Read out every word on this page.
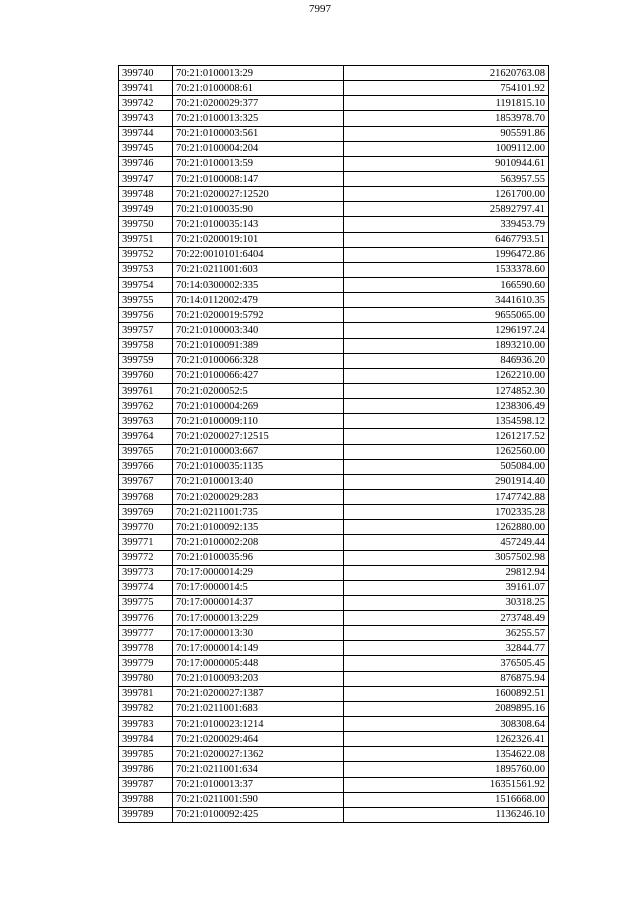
7997
399740	70:21:0100013:29	21620763.08
399741	70:21:0100008:61	754101.92
399742	70:21:0200029:377	1191815.10
399743	70:21:0100013:325	1853978.70
399744	70:21:0100003:561	905591.86
399745	70:21:0100004:204	1009112.00
399746	70:21:0100013:59	9010944.61
399747	70:21:0100008:147	563957.55
399748	70:21:0200027:12520	1261700.00
399749	70:21:0100035:90	25892797.41
399750	70:21:0100035:143	339453.79
399751	70:21:0200019:101	6467793.51
399752	70:22:0010101:6404	1996472.86
399753	70:21:0211001:603	1533378.60
399754	70:14:0300002:335	166590.60
399755	70:14:0112002:479	3441610.35
399756	70:21:0200019:5792	9655065.00
399757	70:21:0100003:340	1296197.24
399758	70:21:0100091:389	1893210.00
399759	70:21:0100066:328	846936.20
399760	70:21:0100066:427	1262210.00
399761	70:21:0200052:5	1274852.30
399762	70:21:0100004:269	1238306.49
399763	70:21:0100009:110	1354598.12
399764	70:21:0200027:12515	1261217.52
399765	70:21:0100003:667	1262560.00
399766	70:21:0100035:1135	505084.00
399767	70:21:0100013:40	2901914.40
399768	70:21:0200029:283	1747742.88
399769	70:21:0211001:735	1702335.28
399770	70:21:0100092:135	1262880.00
399771	70:21:0100002:208	457249.44
399772	70:21:0100035:96	3057502.98
399773	70:17:0000014:29	29812.94
399774	70:17:0000014:5	39161.07
399775	70:17:0000014:37	30318.25
399776	70:17:0000013:229	273748.49
399777	70:17:0000013:30	36255.57
399778	70:17:0000014:149	32844.77
399779	70:17:0000005:448	376505.45
399780	70:21:0100093:203	876875.94
399781	70:21:0200027:1387	1600892.51
399782	70:21:0211001:683	2089895.16
399783	70:21:0100023:1214	308308.64
399784	70:21:0200029:464	1262326.41
399785	70:21:0200027:1362	1354622.08
399786	70:21:0211001:634	1895760.00
399787	70:21:0100013:37	16351561.92
399788	70:21:0211001:590	1516668.00
399789	70:21:0100092:425	1136246.10
